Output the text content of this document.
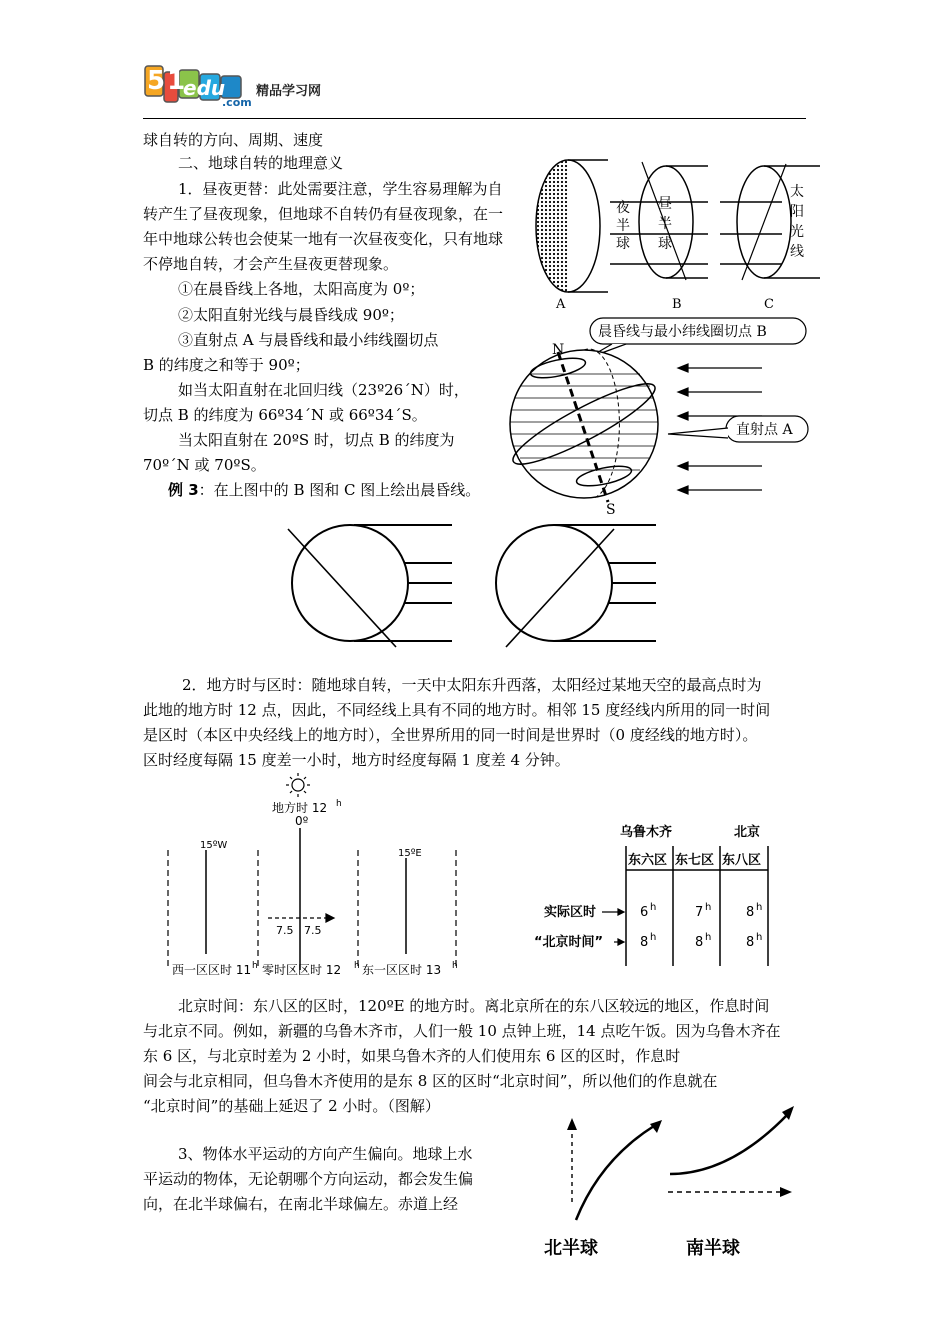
51
edu
.com
精品学习网
球自转的方向、周期、速度
二、地球自转的地理意义
1．昼夜更替：此处需要注意，学生容易理解为自
转产生了昼夜现象，但地球不自转仍有昼夜现象，在一
年中地球公转也会使某一地有一次昼夜变化，只有地球
不停地自转，才会产生昼夜更替现象。
①在晨昏线上各地，太阳高度为 0º；
②太阳直射光线与晨昏线成 90º；
③直射点 A 与晨昏线和最小纬线圈切点
B 的纬度之和等于 90º；
如当太阳直射在北回归线（23º26´N）时，
切点 B 的纬度为 66º34´N 或 66º34´S。
当太阳直射在 20ºS 时，切点 B 的纬度为
70º´N 或 70ºS。
例 3：在上图中的 B 图和 C 图上绘出晨昏线。
A	B	C
夜
半
球
昼
半
球
太
阳
光
线
晨昏线与最小纬线圈切点 B
N
S
直射点 A
2．地方时与区时：随地球自转，一天中太阳东升西落，太阳经过某地天空的最高点时为
此地的地方时 12 点，因此，不同经线上具有不同的地方时。相邻 15 度经线内所用的同一时间
是区时（本区中央经线上的地方时），全世界所用的同一时间是世界时（0 度经线的地方时）。
区时经度每隔 15 度差一小时，地方时经度每隔 1 度差 4 分钟。
地方时 12 h
0º
15ºW
15ºE
7.5 7.5
西一区区时 11 h 零时区区时 12 h 东一区区时 13 h
乌鲁木齐	北京
东六区 东七区 东八区
实际区时
“北京时间”
6 h	7 h	8 h
8 h	8 h	8 h
北京时间：东八区的区时，120ºE 的地方时。离北京所在的东八区较远的地区，作息时间
与北京不同。例如，新疆的乌鲁木齐市，人们一般 10 点钟上班，14 点吃午饭。因为乌鲁木齐在
东 6 区，与北京时差为 2 小时，如果乌鲁木齐的人们使用东 6 区的区时，作息时
间会与北京相同，但乌鲁木齐使用的是东 8 区的区时“北京时间”，所以他们的作息就在
“北京时间”的基础上延迟了 2 小时。（图解）
3、物体水平运动的方向产生偏向。地球上水
平运动的物体，无论朝哪个方向运动，都会发生偏
向，在北半球偏右，在南北半球偏左。赤道上经
北半球	南半球
